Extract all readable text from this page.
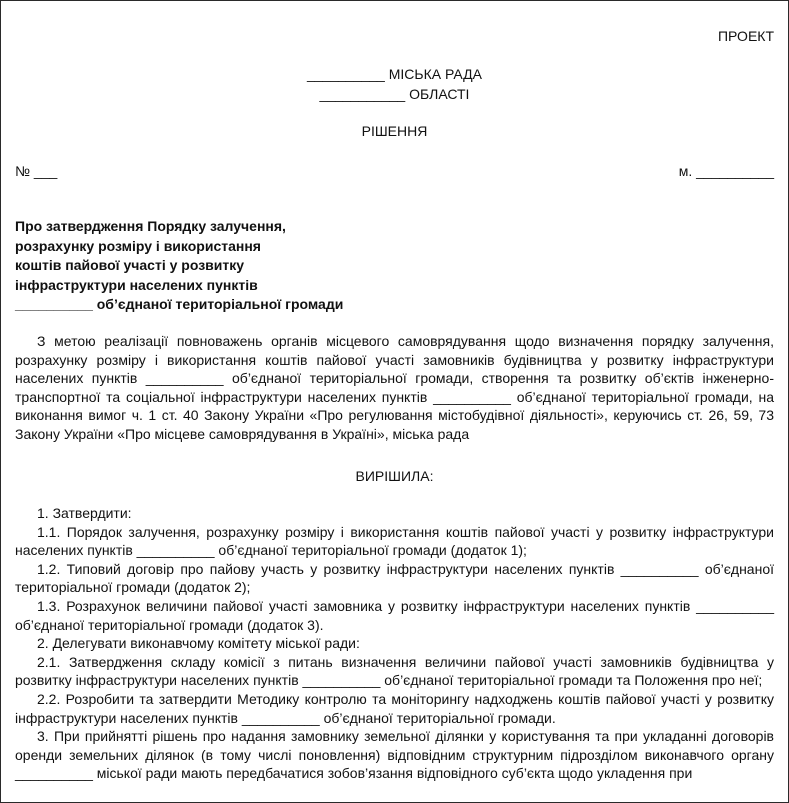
ПРОЕКТ
__________ МІСЬКА РАДА
___________ ОБЛАСТІ
РІШЕННЯ
№ ___	м. __________
Про затвердження Порядку залучення,
розрахунку розміру і використання
коштів пайової участі у розвитку
інфраструктури населених пунктів
__________ об’єднаної територіальної громади
З метою реалізації повноважень органів місцевого самоврядування щодо визначення порядку залучення, розрахунку розміру і використання коштів пайової участі замовників будівництва у розвитку інфраструктури населених пунктів __________ об’єднаної територіальної громади, створення та розвитку об’єктів інженерно-транспортної та соціальної інфраструктури населених пунктів __________ об’єднаної територіальної громади, на виконання вимог ч. 1 ст. 40 Закону України «Про регулювання містобудівної діяльності», керуючись ст. 26, 59, 73 Закону України «Про місцеве самоврядування в Україні», міська рада
ВИРІШИЛА:

1. Затвердити:

1.1. Порядок залучення, розрахунку розміру і використання коштів пайової участі у розвитку інфраструктури населених пунктів __________ об’єднаної територіальної громади (додаток 1);

1.2. Типовий договір про пайову участь у розвитку інфраструктури населених пунктів __________ об’єднаної територіальної громади (додаток 2);

1.3. Розрахунок величини пайової участі замовника у розвитку інфраструктури населених пунктів __________ об’єднаної територіальної громади (додаток 3).

2. Делегувати виконавчому комітету міської ради:

2.1. Затвердження складу комісії з питань визначення величини пайової участі замовників будівництва у розвитку інфраструктури населених пунктів __________ об’єднаної територіальної громади та Положення про неї;

2.2. Розробити та затвердити Методику контролю та моніторингу надходжень коштів пайової участі у розвитку інфраструктури населених пунктів __________ об’єднаної територіальної громади.

3. При прийнятті рішень про надання замовнику земельної ділянки у користування та при укладанні договорів оренди земельних ділянок (в тому числі поновлення) відповідним структурним підрозділом виконавчого органу __________ міської ради мають передбачатися зобов’язання відповідного суб’єкта щодо укладення при
